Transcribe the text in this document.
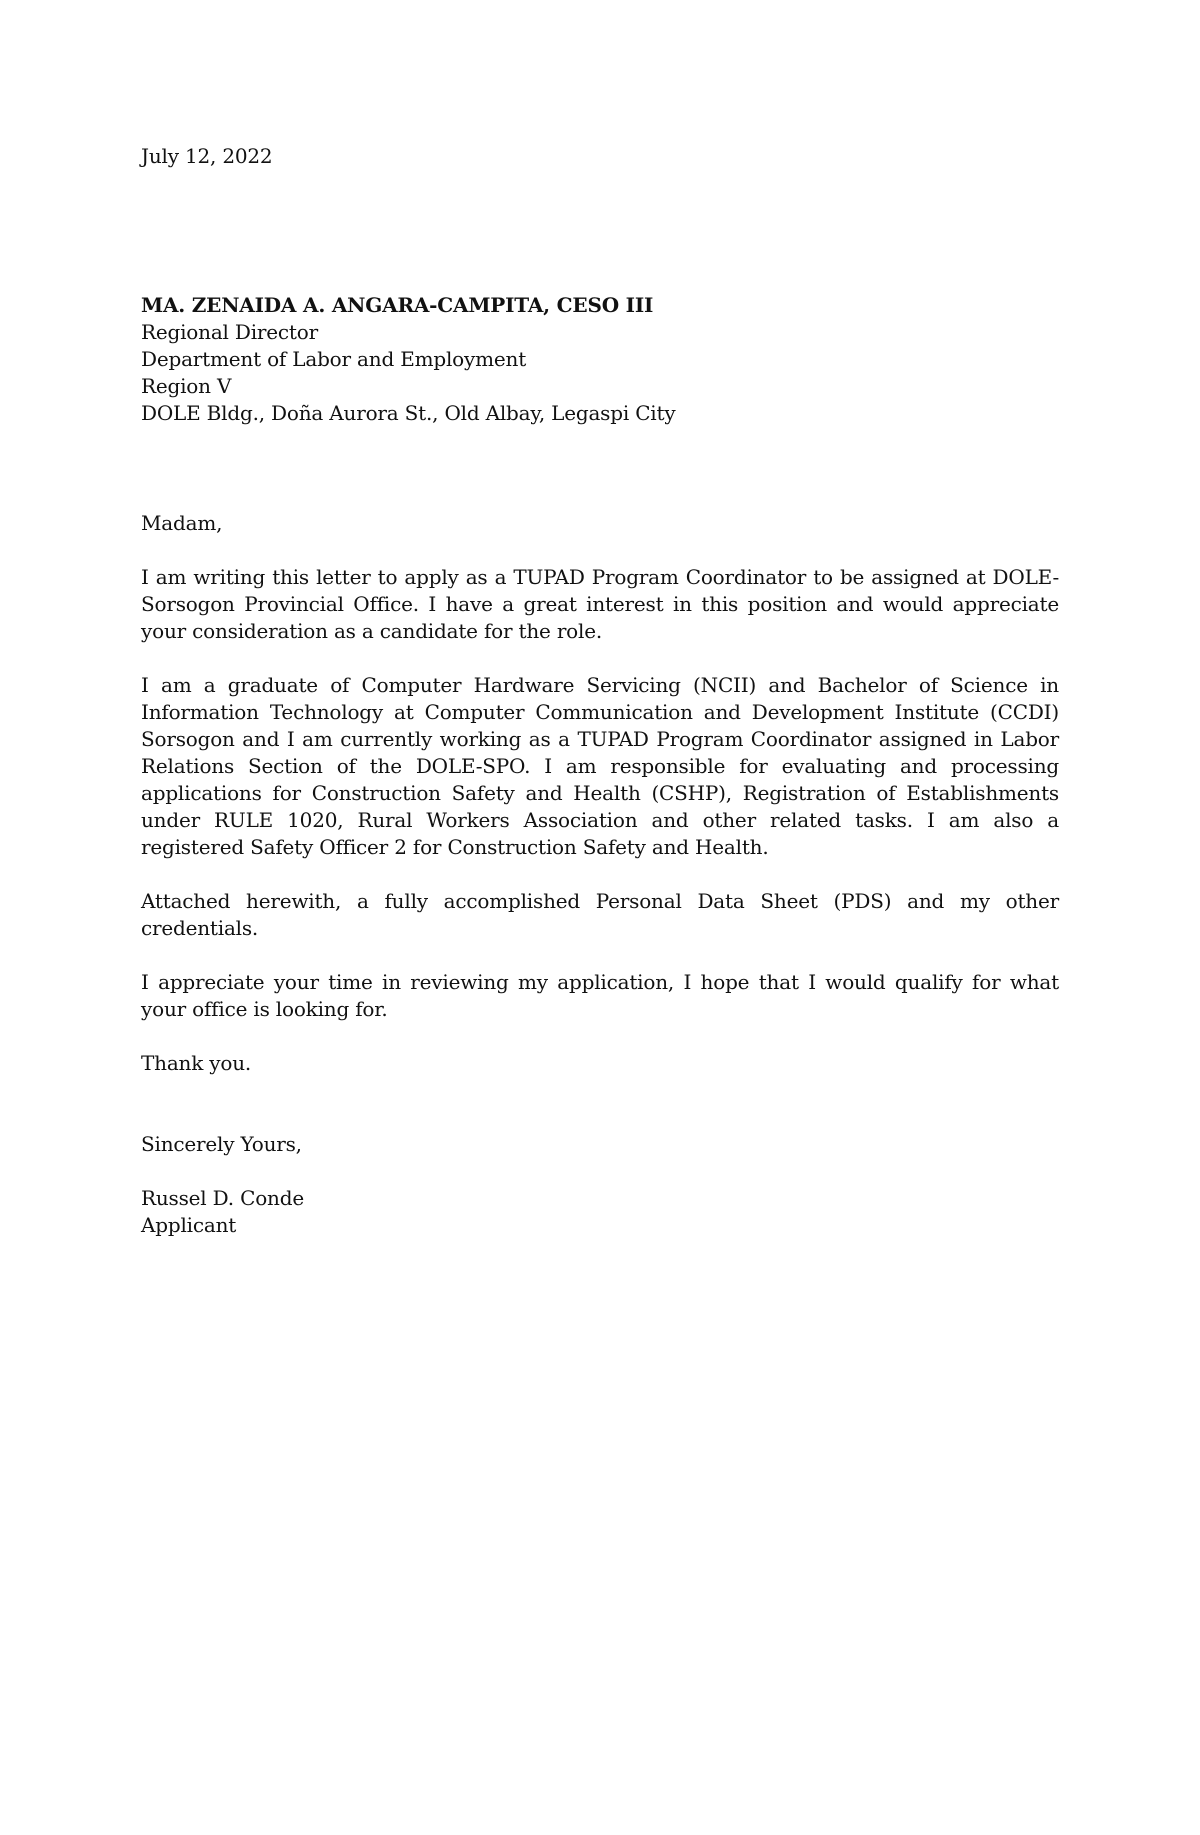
July 12, 2022

MA. ZENAIDA A. ANGARA-CAMPITA, CESO III
Regional Director
Department of Labor and Employment
Region V
DOLE Bldg., Doña Aurora St., Old Albay, Legaspi City

Madam,

I am writing this letter to apply as a TUPAD Program Coordinator to be assigned at DOLE-Sorsogon Provincial Office. I have a great interest in this position and would appreciate your consideration as a candidate for the role.

I am a graduate of Computer Hardware Servicing (NCII) and Bachelor of Science in Information Technology at Computer Communication and Development Institute (CCDI) Sorsogon and I am currently working as a TUPAD Program Coordinator assigned in Labor Relations Section of the DOLE-SPO. I am responsible for evaluating and processing applications for Construction Safety and Health (CSHP), Registration of Establishments under RULE 1020, Rural Workers Association and other related tasks. I am also a registered Safety Officer 2 for Construction Safety and Health.

Attached herewith, a fully accomplished Personal Data Sheet (PDS) and my other credentials.

I appreciate your time in reviewing my application, I hope that I would qualify for what your office is looking for.

Thank you.

Sincerely Yours,

Russel D. Conde
Applicant
